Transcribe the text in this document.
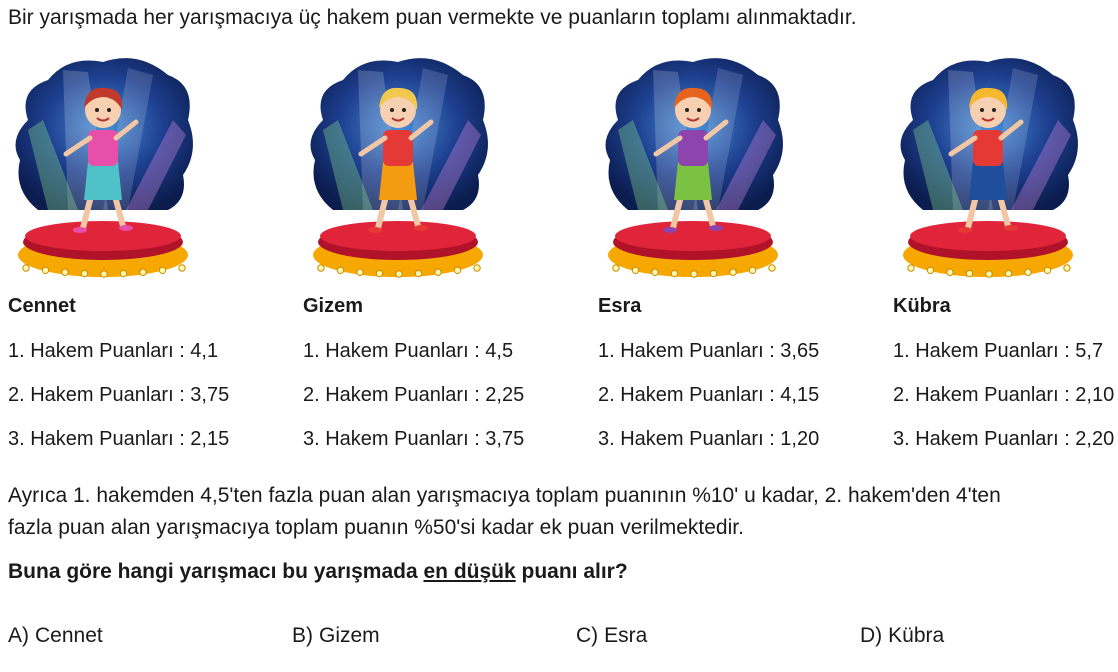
Bir yarışmada her yarışmacıya üç hakem puan vermekte ve puanların toplamı alınmaktadır.
Cennet
1. Hakem Puanları : 4,1
2. Hakem Puanları : 3,75
3. Hakem Puanları : 2,15
Gizem
1. Hakem Puanları : 4,5
2. Hakem Puanları : 2,25
3. Hakem Puanları : 3,75
Esra
1. Hakem Puanları : 3,65
2. Hakem Puanları : 4,15
3. Hakem Puanları : 1,20
Kübra
1. Hakem Puanları : 5,7
2. Hakem Puanları : 2,10
3. Hakem Puanları : 2,20
Ayrıca 1. hakemden 4,5'ten fazla puan alan yarışmacıya toplam puanının %10' u kadar, 2. hakem'den 4'ten
fazla puan alan yarışmacıya toplam puanın %50'si kadar ek puan verilmektedir.
Buna göre hangi yarışmacı bu yarışmada en düşük puanı alır?
A) Cennet	B) Gizem	C) Esra	D) Kübra
